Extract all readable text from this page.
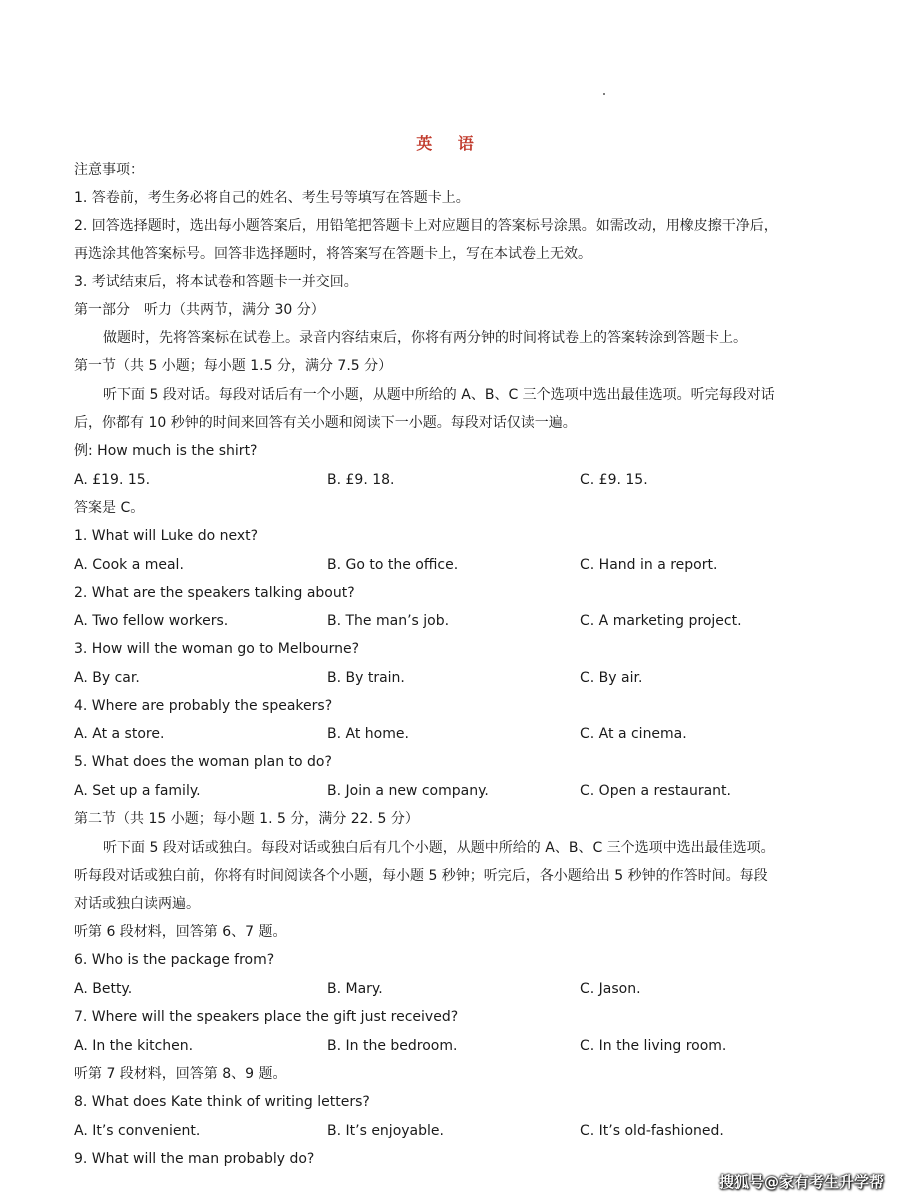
英 语
注意事项：
1. 答卷前，考生务必将自己的姓名、考生号等填写在答题卡上。
2. 回答选择题时，选出每小题答案后，用铅笔把答题卡上对应题目的答案标号涂黑。如需改动，用橡皮擦干净后，
再选涂其他答案标号。回答非选择题时，将答案写在答题卡上，写在本试卷上无效。
3. 考试结束后，将本试卷和答题卡一并交回。
第一部分　听力（共两节，满分 30 分）
做题时，先将答案标在试卷上。录音内容结束后，你将有两分钟的时间将试卷上的答案转涂到答题卡上。
第一节（共 5 小题；每小题 1.5 分，满分 7.5 分）
听下面 5 段对话。每段对话后有一个小题，从题中所给的 A、B、C 三个选项中选出最佳选项。听完每段对话
后，你都有 10 秒钟的时间来回答有关小题和阅读下一小题。每段对话仅读一遍。
例: How much is the shirt?
A. £19. 15.	B. £9. 18.	C. £9. 15.
答案是 C。
1. What will Luke do next?
A. Cook a meal.	B. Go to the office.	C. Hand in a report.
2. What are the speakers talking about?
A. Two fellow workers.	B. The man’s job.	C. A marketing project.
3. How will the woman go to Melbourne?
A. By car.	B. By train.	C. By air.
4. Where are probably the speakers?
A. At a store.	B. At home.	C. At a cinema.
5. What does the woman plan to do?
A. Set up a family.	B. Join a new company.	C. Open a restaurant.
第二节（共 15 小题；每小题 1. 5 分，满分 22. 5 分）
听下面 5 段对话或独白。每段对话或独白后有几个小题，从题中所给的 A、B、C 三个选项中选出最佳选项。
听每段对话或独白前，你将有时间阅读各个小题，每小题 5 秒钟；听完后，各小题给出 5 秒钟的作答时间。每段
对话或独白读两遍。
听第 6 段材料，回答第 6、7 题。
6. Who is the package from?
A. Betty.	B. Mary.	C. Jason.
7. Where will the speakers place the gift just received?
A. In the kitchen.	B. In the bedroom.	C. In the living room.
听第 7 段材料，回答第 8、9 题。
8. What does Kate think of writing letters?
A. It’s convenient.	B. It’s enjoyable.	C. It’s old-fashioned.
9. What will the man probably do?
搜狐号@家有考生升学帮
